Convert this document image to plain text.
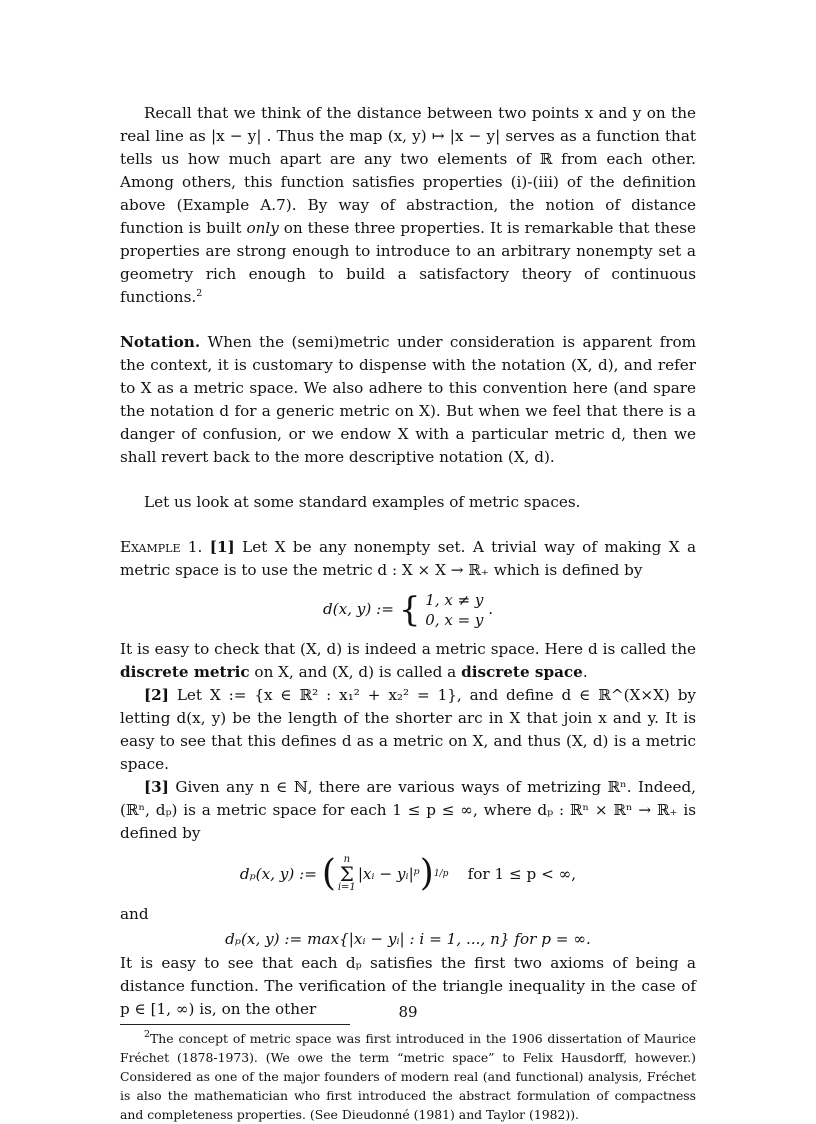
Recall that we think of the distance between two points x and y on the real line as |x − y| . Thus the map (x, y) ↦ |x − y| serves as a function that tells us how much apart are any two elements of ℝ from each other. Among others, this function satisfies properties (i)-(iii) of the definition above (Example A.7). By way of abstraction, the notion of distance function is built only on these three properties. It is remarkable that these properties are strong enough to introduce to an arbitrary nonempty set a geometry rich enough to build a satisfactory theory of continuous functions.$^2$

Notation. When the (semi)metric under consideration is apparent from the context, it is customary to dispense with the notation (X, d), and refer to X as a metric space. We also adhere to this convention here (and spare the notation d for a generic metric on X). But when we feel that there is a danger of confusion, or we endow X with a particular metric d, then we shall revert back to the more descriptive notation (X, d).

Let us look at some standard examples of metric spaces.

Example 1. [1] Let X be any nonempty set. A trivial way of making X a metric space is to use the metric d : X × X → ℝ₊ which is defined by

d(x, y) := { 1, x ≠ y
0, x = y .

It is easy to check that (X, d) is indeed a metric space. Here d is called the discrete metric on X, and (X, d) is called a discrete space.

[2] Let X := {x ∈ ℝ² : x₁² + x₂² = 1}, and define d ∈ ℝ^(X×X) by letting d(x, y) be the length of the shorter arc in X that join x and y. It is easy to see that this defines d as a metric on X, and thus (X, d) is a metric space.

[3] Given any n ∈ ℕ, there are various ways of metrizing ℝⁿ. Indeed, (ℝⁿ, dₚ) is a metric space for each 1 ≤ p ≤ ∞, where dₚ : ℝⁿ × ℝⁿ → ℝ₊ is defined by

dₚ(x, y) :=
( n
Σ
i=1
|xᵢ − yᵢ|ᵖ ) 1/p
for 1 ≤ p < ∞,

and

dₚ(x, y) := max{|xᵢ − yᵢ| : i = 1, ..., n} for p = ∞.

It is easy to see that each dₚ satisfies the first two axioms of being a distance function. The verification of the triangle inequality in the case of p ∈ [1, ∞) is, on the other

$^2$The concept of metric space was first introduced in the 1906 dissertation of Maurice Fréchet (1878-1973). (We owe the term “metric space” to Felix Hausdorff, however.) Considered as one of the major founders of modern real (and functional) analysis, Fréchet is also the mathematician who first introduced the abstract formulation of compactness and completeness properties. (See Dieudonné (1981) and Taylor (1982)).

89
